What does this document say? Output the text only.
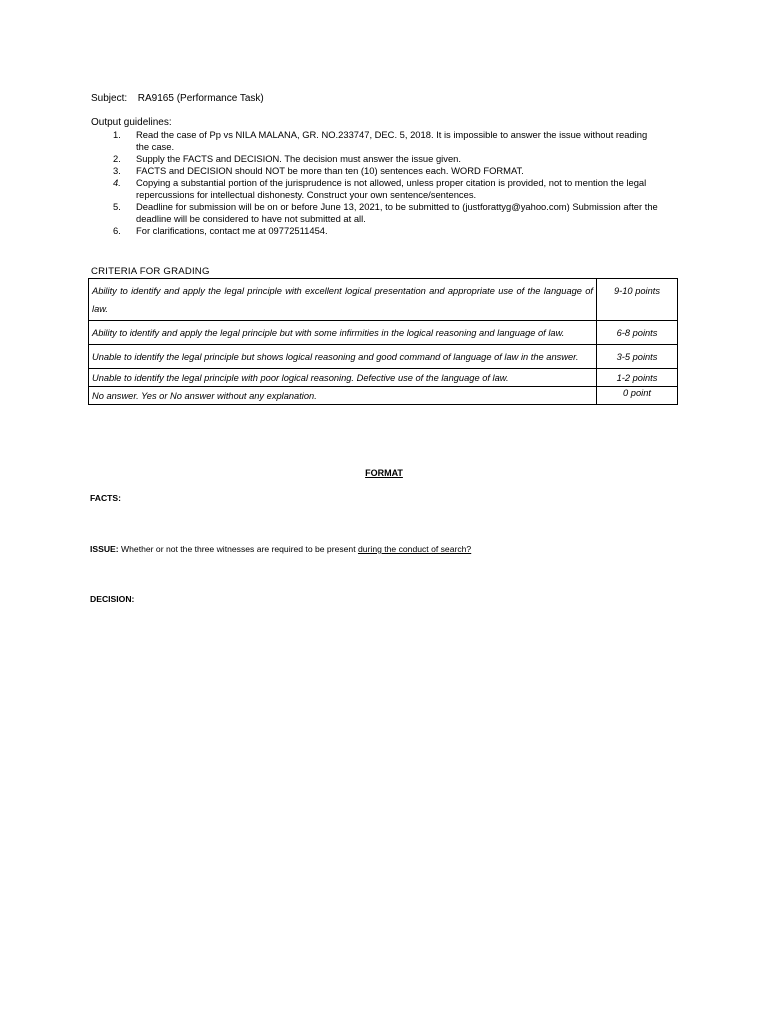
Subject: RA9165 (Performance Task)
Output guidelines:
1. Read the case of Pp vs NILA MALANA, GR. NO.233747, DEC. 5, 2018. It is impossible to answer the issue without reading the case.
2. Supply the FACTS and DECISION. The decision must answer the issue given.
3. FACTS and DECISION should NOT be more than ten (10) sentences each. WORD FORMAT.
4. Copying a substantial portion of the jurisprudence is not allowed, unless proper citation is provided, not to mention the legal repercussions for intellectual dishonesty. Construct your own sentence/sentences.
5. Deadline for submission will be on or before June 13, 2021, to be submitted to (justforattyg@yahoo.com) Submission after the deadline will be considered to have not submitted at all.
6. For clarifications, contact me at 09772511454.
CRITERIA FOR GRADING
Ability to identify and apply the legal principle with excellent logical presentation and appropriate use of the language of law.	9-10 points
Ability to identify and apply the legal principle but with some infirmities in the logical reasoning and language of law.	6-8 points
Unable to identify the legal principle but shows logical reasoning and good command of language of law in the answer.	3-5 points
Unable to identify the legal principle with poor logical reasoning. Defective use of the language of law.	1-2 points
No answer. Yes or No answer without any explanation.	0 point
FORMAT
FACTS:
ISSUE: Whether or not the three witnesses are required to be present during the conduct of search?
DECISION:
